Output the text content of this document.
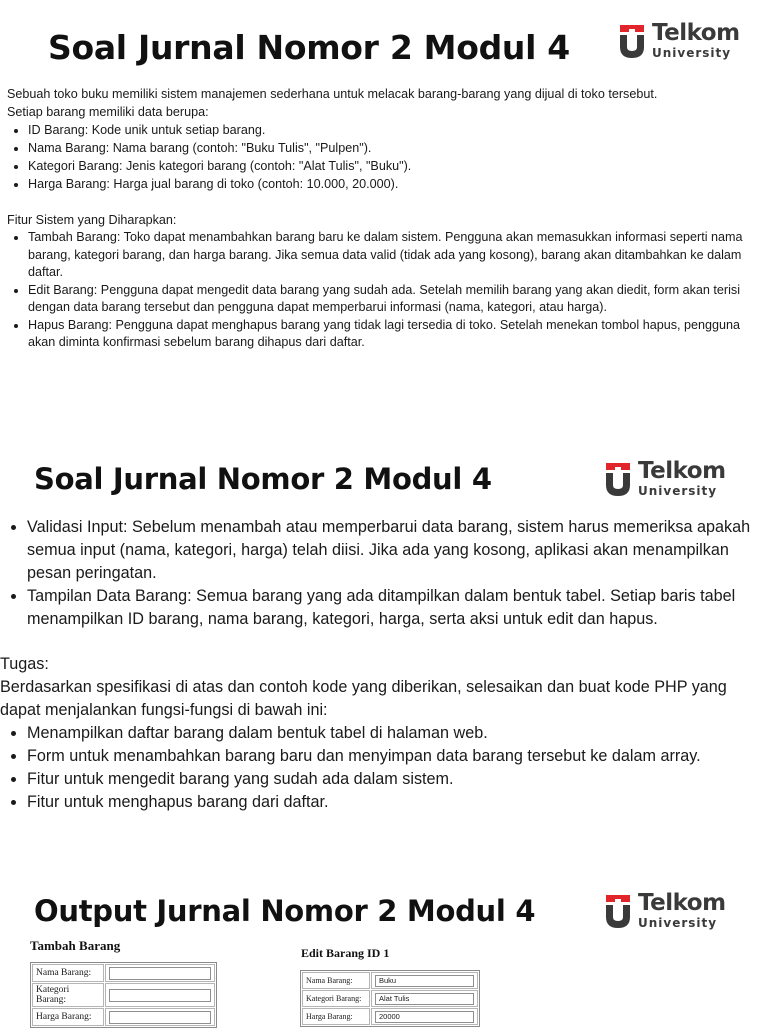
Soal Jurnal Nomor 2 Modul 4	Telkom
University

Sebuah toko buku memiliki sistem manajemen sederhana untuk melacak barang-barang yang dijual di toko tersebut.

Setiap barang memiliki data berupa:

• ID Barang: Kode unik untuk setiap barang.
• Nama Barang: Nama barang (contoh: "Buku Tulis", "Pulpen").
• Kategori Barang: Jenis kategori barang (contoh: "Alat Tulis", "Buku").
• Harga Barang: Harga jual barang di toko (contoh: 10.000, 20.000).

Fitur Sistem yang Diharapkan:

• Tambah Barang: Toko dapat menambahkan barang baru ke dalam sistem. Pengguna akan memasukkan informasi seperti nama barang, kategori barang, dan harga barang. Jika semua data valid (tidak ada yang kosong), barang akan ditambahkan ke dalam daftar.
• Edit Barang: Pengguna dapat mengedit data barang yang sudah ada. Setelah memilih barang yang akan diedit, form akan terisi dengan data barang tersebut dan pengguna dapat memperbarui informasi (nama, kategori, atau harga).
• Hapus Barang: Pengguna dapat menghapus barang yang tidak lagi tersedia di toko. Setelah menekan tombol hapus, pengguna akan diminta konfirmasi sebelum barang dihapus dari daftar.
Soal Jurnal Nomor 2 Modul 4	Telkom
University
• Validasi Input: Sebelum menambah atau memperbarui data barang, sistem harus memeriksa apakah semua input (nama, kategori, harga) telah diisi. Jika ada yang kosong, aplikasi akan menampilkan pesan peringatan.
• Tampilan Data Barang: Semua barang yang ada ditampilkan dalam bentuk tabel. Setiap baris tabel menampilkan ID barang, nama barang, kategori, harga, serta aksi untuk edit dan hapus.

Tugas:

Berdasarkan spesifikasi di atas dan contoh kode yang diberikan, selesaikan dan buat kode PHP yang dapat menjalankan fungsi-fungsi di bawah ini:

• Menampilkan daftar barang dalam bentuk tabel di halaman web.
• Form untuk menambahkan barang baru dan menyimpan data barang tersebut ke dalam array.
• Fitur untuk mengedit barang yang sudah ada dalam sistem.
• Fitur untuk menghapus barang dari daftar.
Output Jurnal Nomor 2 Modul 4	Telkom
University
Tambah Barang
Nama Barang:	

Kategori Barang:	

Harga Barang:	
Edit Barang ID 1
Nama Barang:	Buku

Kategori Barang:	Alat Tulis

Harga Barang:	20000
